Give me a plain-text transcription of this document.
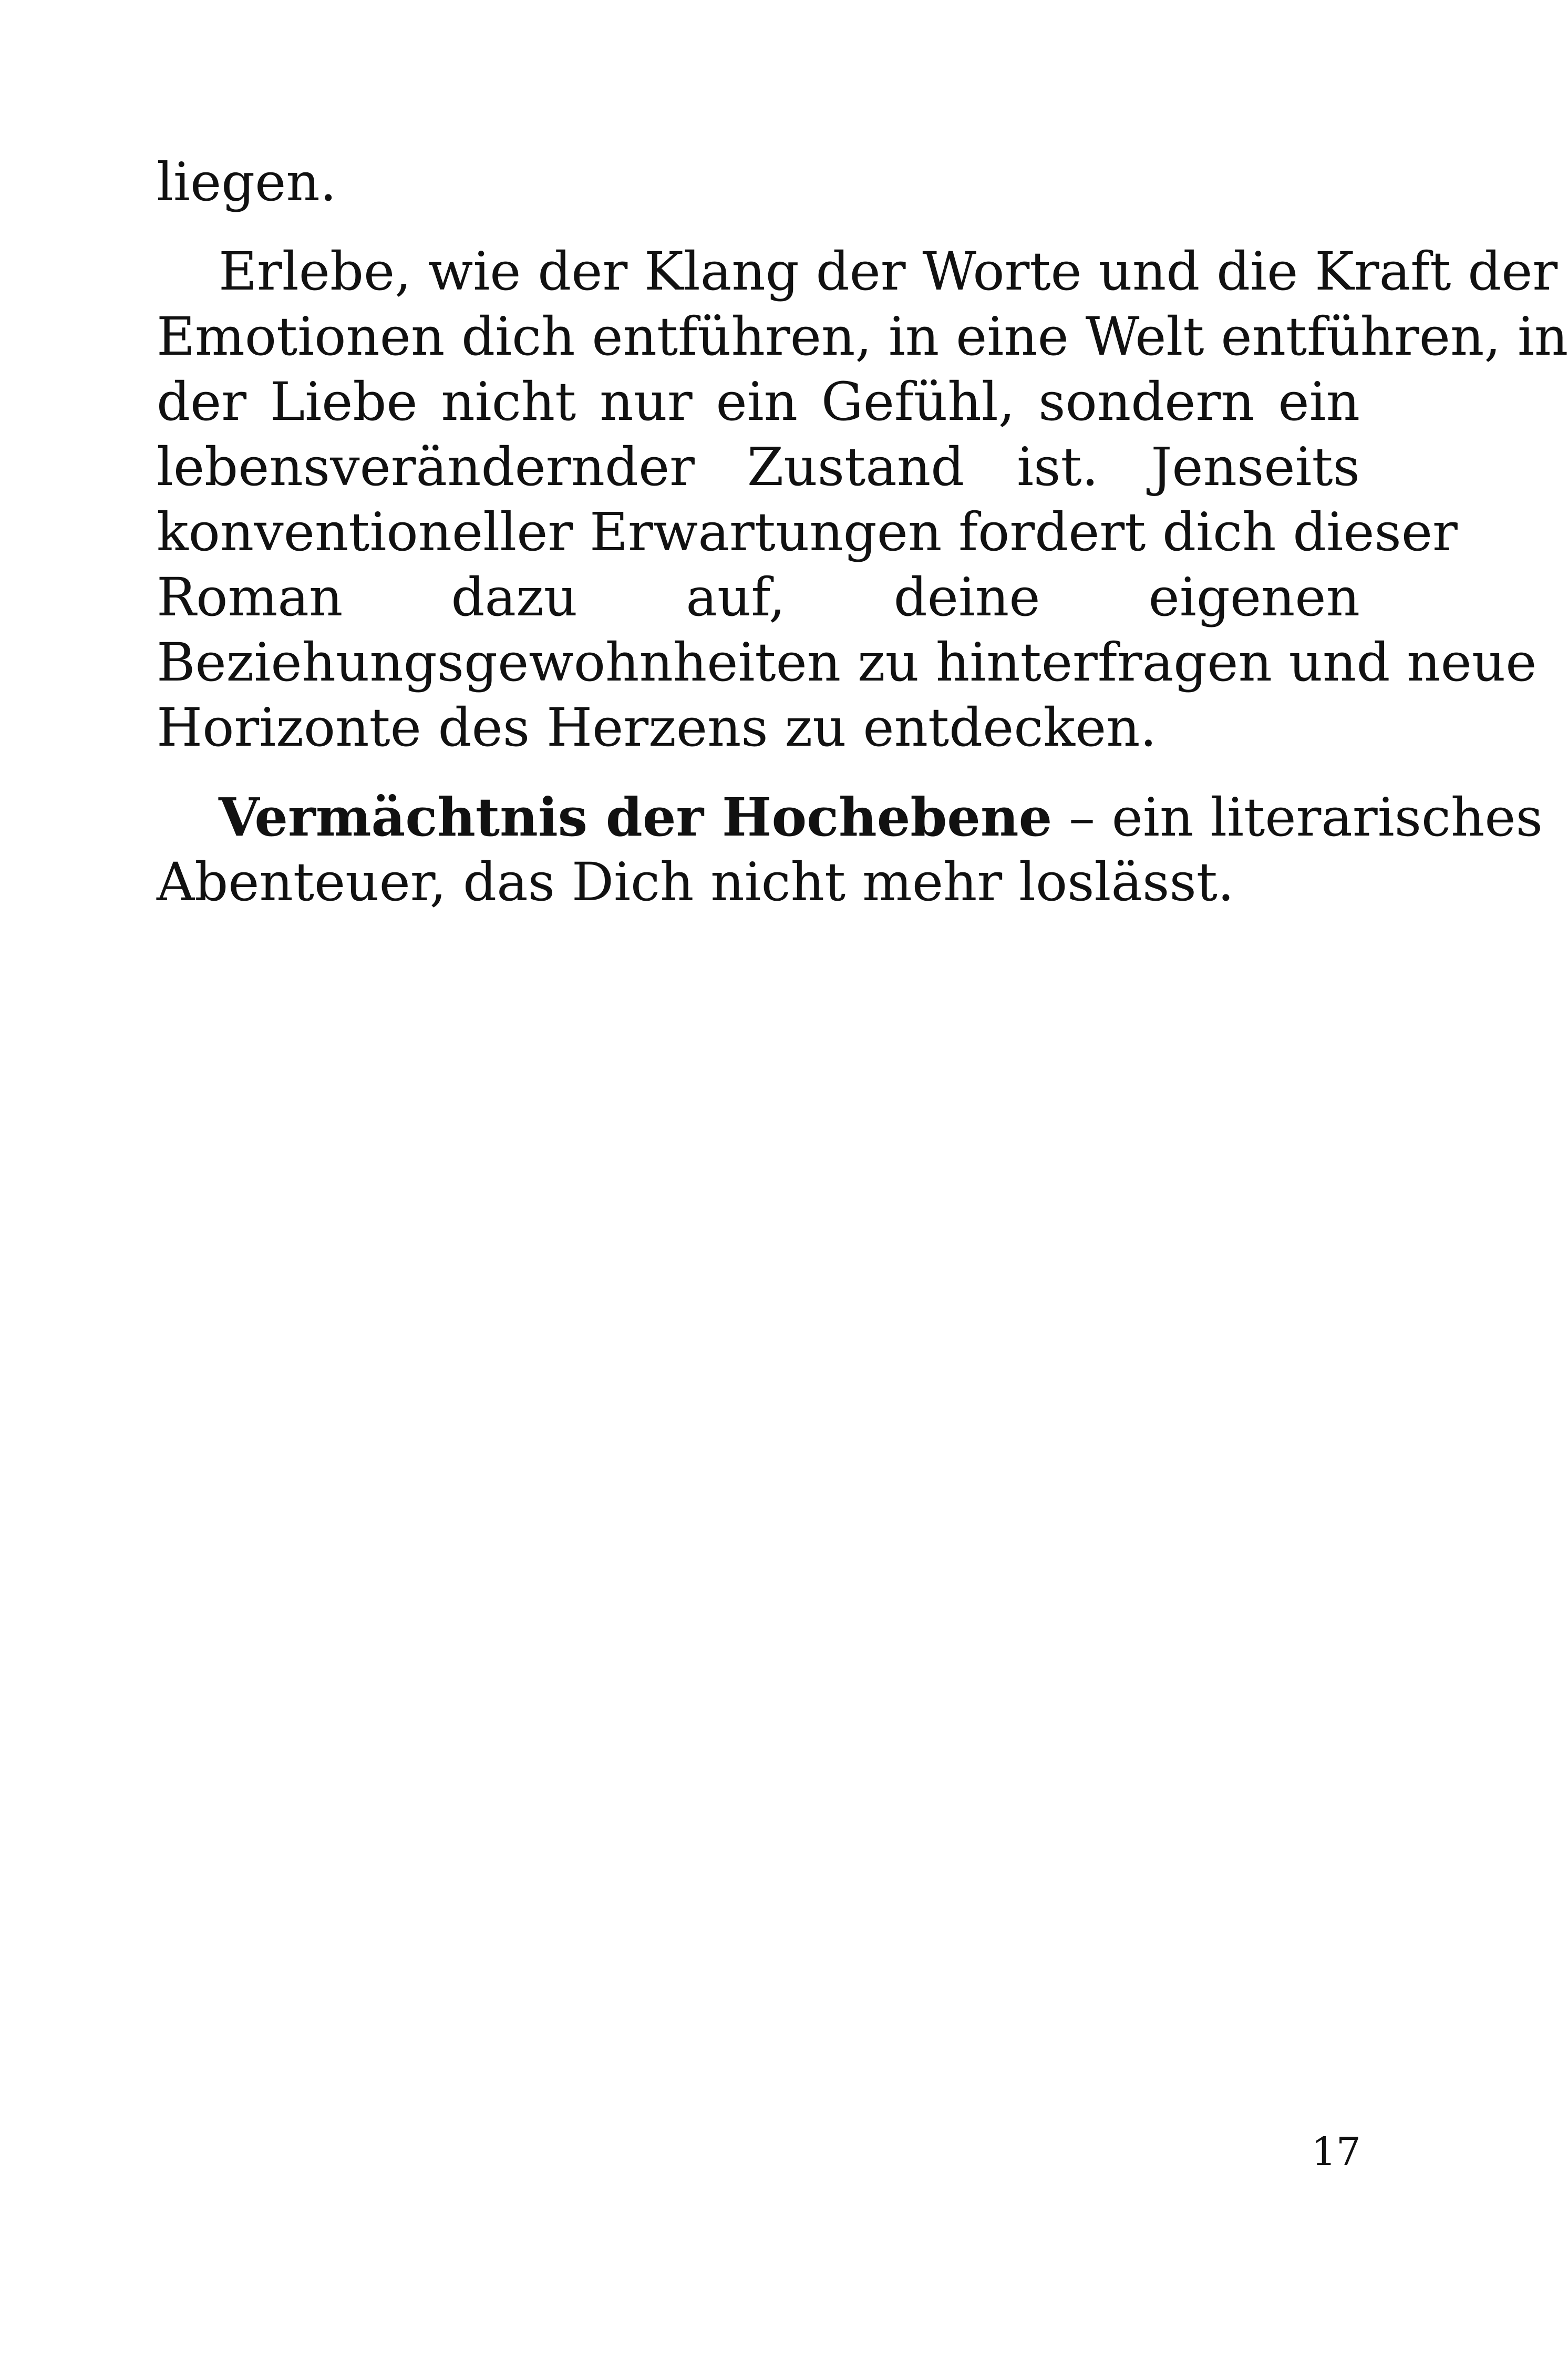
liegen.
Erlebe, wie der Klang der Worte und die Kraft der
Emotionen dich entführen, in eine Welt entführen, in
der Liebe nicht nur ein Gefühl, sondern ein
lebensverändernder Zustand ist. Jenseits
konventioneller Erwartungen fordert dich dieser
Roman dazu auf, deine eigenen
Beziehungsgewohnheiten zu hinterfragen und neue
Horizonte des Herzens zu entdecken.
Vermächtnis der Hochebene – ein literarisches
Abenteuer, das Dich nicht mehr loslässt.
17
